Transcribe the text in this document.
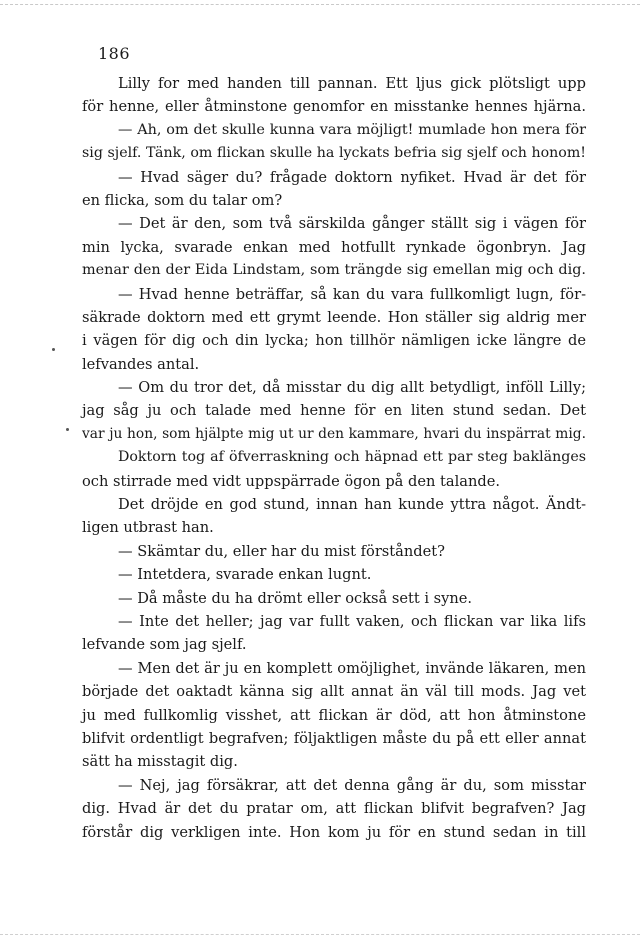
186
Lilly for med handen till pannan. Ett ljus gick plötsligt upp
för henne, eller åtminstone genomfor en misstanke hennes hjärna.
— Ah, om det skulle kunna vara möjligt! mumlade hon mera för
sig sjelf. Tänk, om flickan skulle ha lyckats befria sig sjelf och honom!
— Hvad säger du? frågade doktorn nyfiket. Hvad är det för
en flicka, som du talar om?
— Det är den, som två särskilda gånger ställt sig i vägen för
min lycka, svarade enkan med hotfullt rynkade ögonbryn. Jag
menar den der Eida Lindstam, som trängde sig emellan mig och dig.
— Hvad henne beträffar, så kan du vara fullkomligt lugn, för-
säkrade doktorn med ett grymt leende. Hon ställer sig aldrig mer
i vägen för dig och din lycka; hon tillhör nämligen icke längre de
lefvandes antal.
— Om du tror det, då misstar du dig allt betydligt, inföll Lilly;
jag såg ju och talade med henne för en liten stund sedan. Det
var ju hon, som hjälpte mig ut ur den kammare, hvari du inspärrat mig.
Doktorn tog af öfverraskning och häpnad ett par steg baklänges
och stirrade med vidt uppspärrade ögon på den talande.
Det dröjde en god stund, innan han kunde yttra något. Ändt-
ligen utbrast han.
— Skämtar du, eller har du mist förståndet?
— Intetdera, svarade enkan lugnt.
— Då måste du ha drömt eller också sett i syne.
— Inte det heller; jag var fullt vaken, och flickan var lika lifs
lefvande som jag sjelf.
— Men det är ju en komplett omöjlighet, invände läkaren, men
började det oaktadt känna sig allt annat än väl till mods. Jag vet
ju med fullkomlig visshet, att flickan är död, att hon åtminstone
blifvit ordentligt begrafven; följaktligen måste du på ett eller annat
sätt ha misstagit dig.
— Nej, jag försäkrar, att det denna gång är du, som misstar
dig. Hvad är det du pratar om, att flickan blifvit begrafven? Jag
förstår dig verkligen inte. Hon kom ju för en stund sedan in till
